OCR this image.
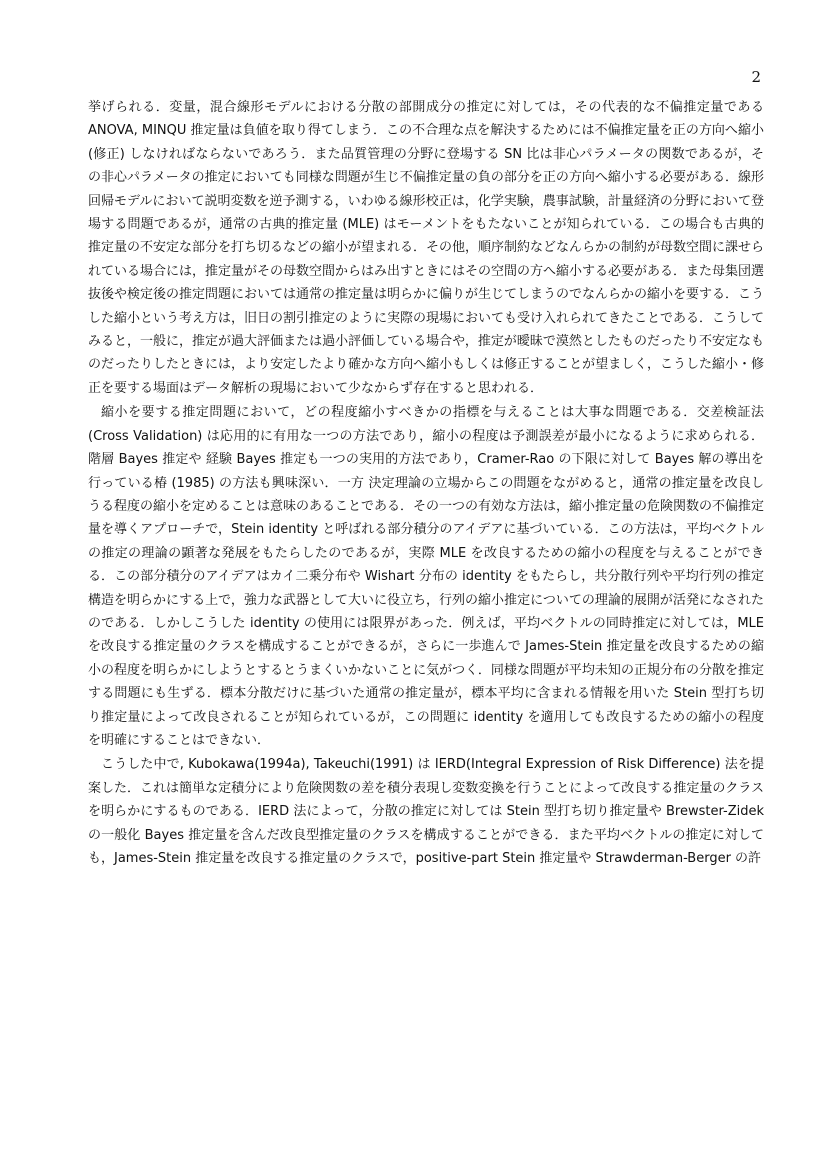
2

挙げられる．変量，混合線形モデルにおける分散の部開成分の推定に対しては，その代表的な不偏推定量である ANOVA, MINQU 推定量は負値を取り得てしまう．この不合理な点を解決するためには不偏推定量を正の方向へ縮小 (修正) しなければならないであろう．また品質管理の分野に登場する SN 比は非心パラメータの関数であるが，その非心パラメータの推定においても同様な問題が生じ不偏推定量の負の部分を正の方向へ縮小する必要がある．線形回帰モデルにおいて説明変数を逆予測する，いわゆる線形校正は，化学実験，農事試験，計量経済の分野において登場する問題であるが，通常の古典的推定量 (MLE) はモーメントをもたないことが知られている．この場合も古典的推定量の不安定な部分を打ち切るなどの縮小が望まれる．その他，順序制約などなんらかの制約が母数空間に課せられている場合には，推定量がその母数空間からはみ出すときにはその空間の方へ縮小する必要がある．また母集団選抜後や検定後の推定問題においては通常の推定量は明らかに偏りが生じてしまうのでなんらかの縮小を要する．こうした縮小という考え方は，旧日の割引推定のように実際の現場においても受け入れられてきたことである．こうしてみると，一般に，推定が過大評価または過小評価している場合や，推定が曖昧で漠然としたものだったり不安定なものだったりしたときには，より安定したより確かな方向へ縮小もしくは修正することが望ましく，こうした縮小・修正を要する場面はデータ解析の現場において少なからず存在すると思われる．

縮小を要する推定問題において，どの程度縮小すべきかの指標を与えることは大事な問題である．交差検証法 (Cross Validation) は応用的に有用な一つの方法であり，縮小の程度は予測誤差が最小になるように求められる．階層 Bayes 推定や 経験 Bayes 推定も一つの実用的方法であり，Cramer-Rao の下限に対して Bayes 解の導出を行っている椿 (1985) の方法も興味深い．一方 決定理論の立場からこの問題をながめると，通常の推定量を改良しうる程度の縮小を定めることは意味のあることである．その一つの有効な方法は，縮小推定量の危険関数の不偏推定量を導くアプローチで，Stein identity と呼ばれる部分積分のアイデアに基づいている．この方法は，平均ベクトルの推定の理論の顕著な発展をもたらしたのであるが，実際 MLE を改良するための縮小の程度を与えることができる．この部分積分のアイデアはカイ二乗分布や Wishart 分布の identity をもたらし，共分散行列や平均行列の推定構造を明らかにする上で，強力な武器として大いに役立ち，行列の縮小推定についての理論的展開が活発になされたのである．しかしこうした identity の使用には限界があった．例えば，平均ベクトルの同時推定に対しては，MLE を改良する推定量のクラスを構成することができるが，さらに一歩進んで James-Stein 推定量を改良するための縮小の程度を明らかにしようとするとうまくいかないことに気がつく．同様な問題が平均未知の正規分布の分散を推定する問題にも生ずる．標本分散だけに基づいた通常の推定量が，標本平均に含まれる情報を用いた Stein 型打ち切り推定量によって改良されることが知られているが，この問題に identity を適用しても改良するための縮小の程度を明確にすることはできない．

こうした中で, Kubokawa(1994a), Takeuchi(1991) は IERD(Integral Expression of Risk Difference) 法を提案した．これは簡単な定積分により危険関数の差を積分表現し変数変換を行うことによって改良する推定量のクラスを明らかにするものである．IERD 法によって，分散の推定に対しては Stein 型打ち切り推定量や Brewster-Zidek の一般化 Bayes 推定量を含んだ改良型推定量のクラスを構成することができる．また平均ベクトルの推定に対しても，James-Stein 推定量を改良する推定量のクラスで，positive-part Stein 推定量や Strawderman-Berger の許
